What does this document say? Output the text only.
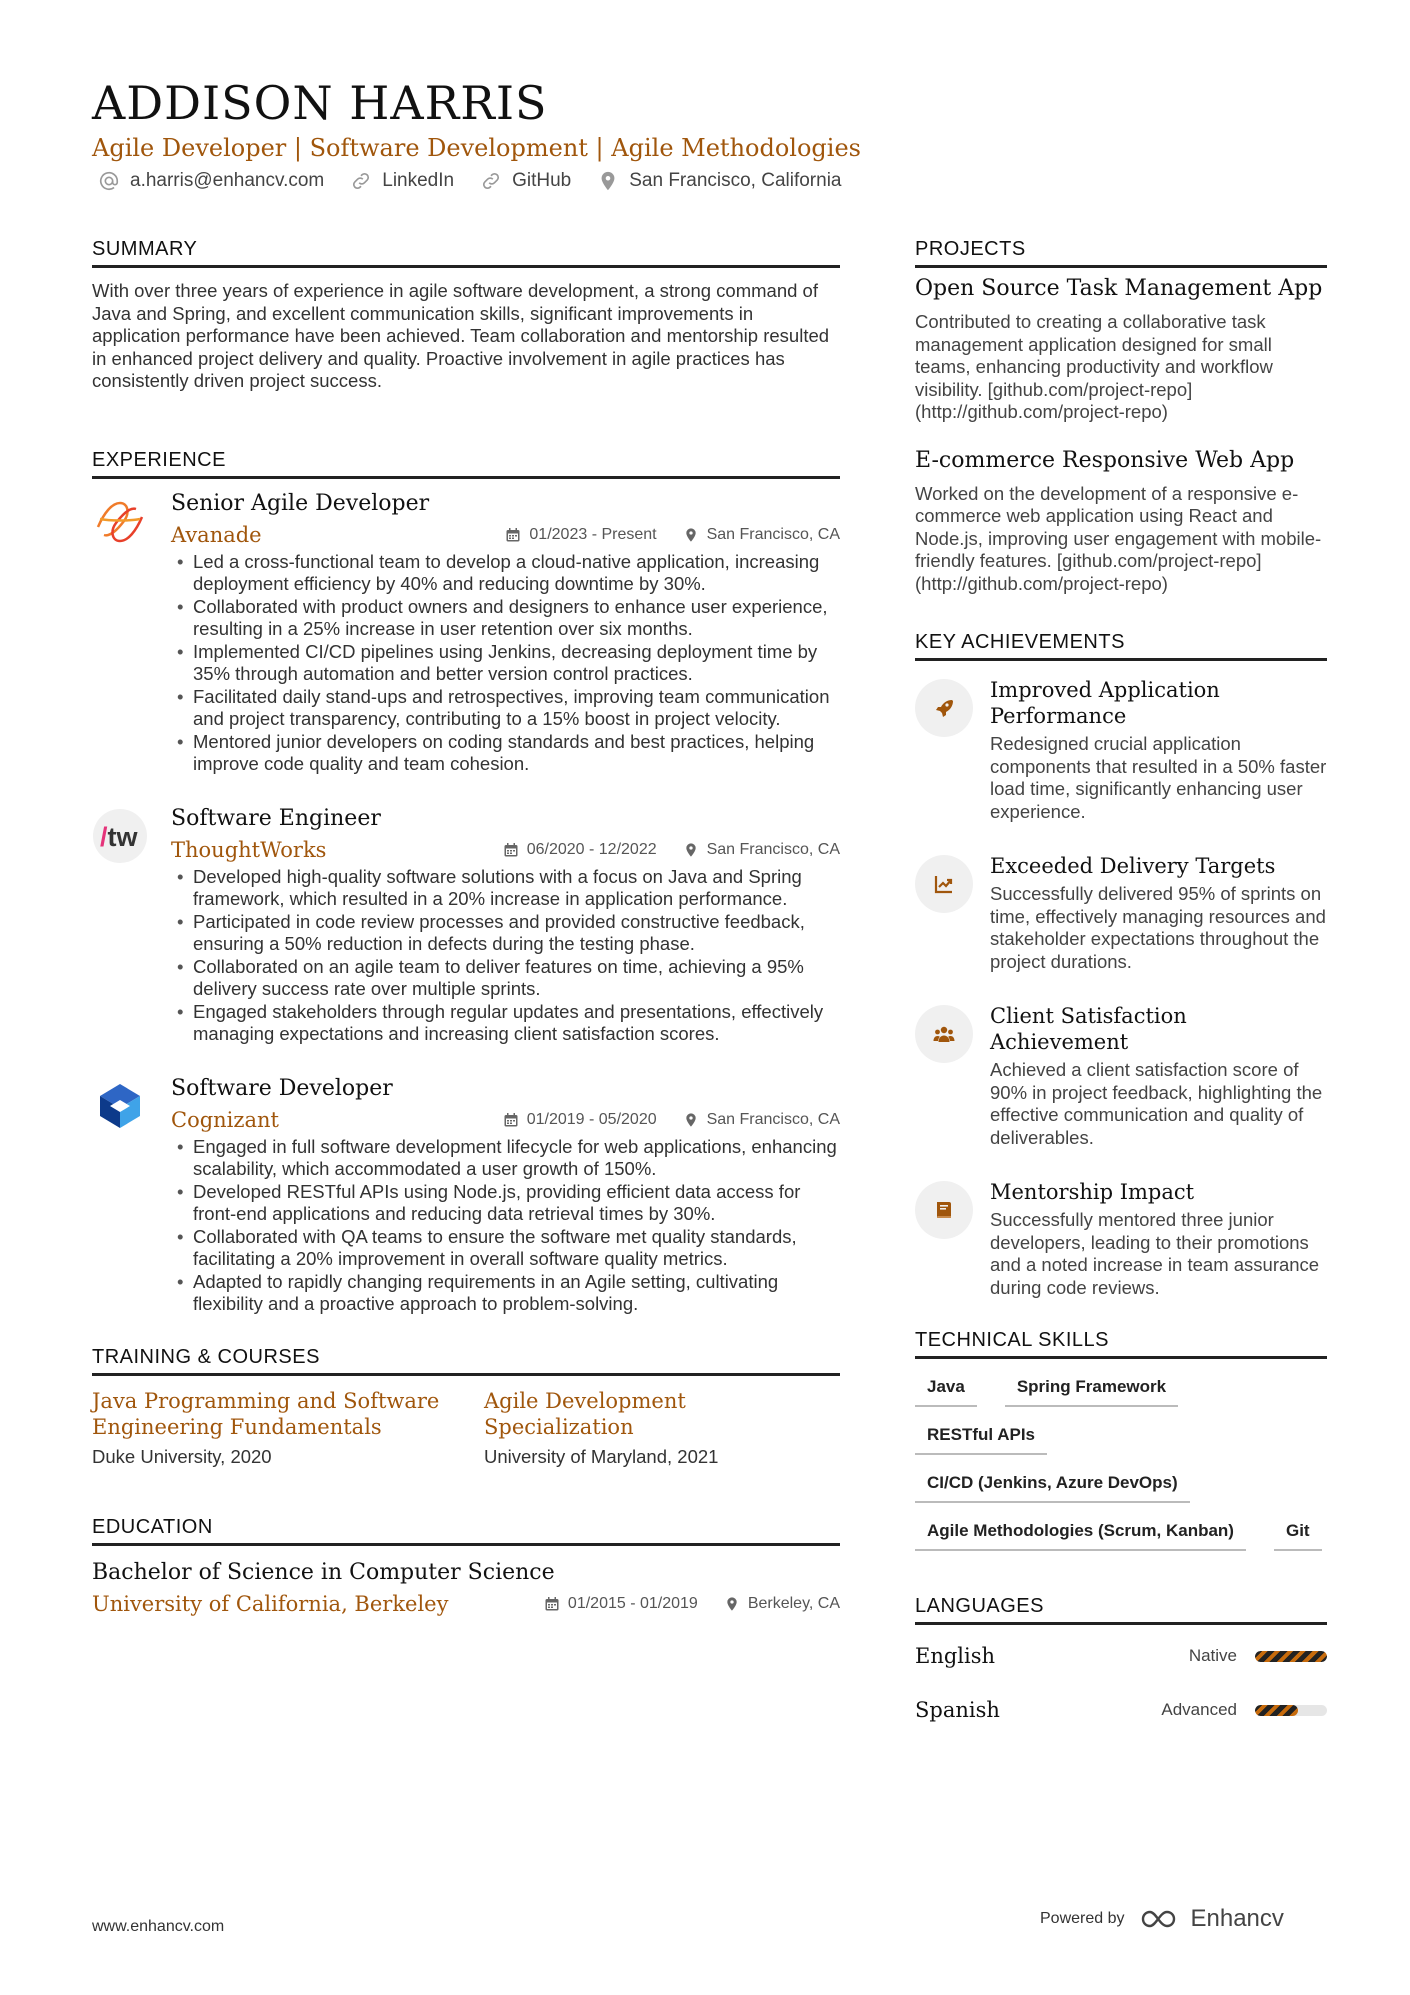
ADDISON HARRIS
Agile Developer | Software Development | Agile Methodologies
a.harris@enhancv.com	LinkedIn	GitHub	San Francisco, California
SUMMARY
With over three years of experience in agile software development, a strong command of Java and Spring, and excellent communication skills, significant improvements in application performance have been achieved. Team collaboration and mentorship resulted in enhanced project delivery and quality. Proactive involvement in agile practices has consistently driven project success.
EXPERIENCE
Senior Agile Developer
Avanade	01/2023 - Present	San Francisco, CA
• Led a cross-functional team to develop a cloud-native application, increasing deployment efficiency by 40% and reducing downtime by 30%.
• Collaborated with product owners and designers to enhance user experience, resulting in a 25% increase in user retention over six months.
• Implemented CI/CD pipelines using Jenkins, decreasing deployment time by 35% through automation and better version control practices.
• Facilitated daily stand-ups and retrospectives, improving team communication and project transparency, contributing to a 15% boost in project velocity.
• Mentored junior developers on coding standards and best practices, helping improve code quality and team cohesion.
/tw
Software Engineer
ThoughtWorks	06/2020 - 12/2022	San Francisco, CA
• Developed high-quality software solutions with a focus on Java and Spring framework, which resulted in a 20% increase in application performance.
• Participated in code review processes and provided constructive feedback, ensuring a 50% reduction in defects during the testing phase.
• Collaborated on an agile team to deliver features on time, achieving a 95% delivery success rate over multiple sprints.
• Engaged stakeholders through regular updates and presentations, effectively managing expectations and increasing client satisfaction scores.
Software Developer
Cognizant	01/2019 - 05/2020	San Francisco, CA
• Engaged in full software development lifecycle for web applications, enhancing scalability, which accommodated a user growth of 150%.
• Developed RESTful APIs using Node.js, providing efficient data access for front-end applications and reducing data retrieval times by 30%.
• Collaborated with QA teams to ensure the software met quality standards, facilitating a 20% improvement in overall software quality metrics.
• Adapted to rapidly changing requirements in an Agile setting, cultivating flexibility and a proactive approach to problem-solving.
TRAINING & COURSES
Java Programming and Software Engineering Fundamentals
Duke University, 2020
Agile Development Specialization
University of Maryland, 2021
EDUCATION
Bachelor of Science in Computer Science
University of California, Berkeley	01/2015 - 01/2019	Berkeley, CA
PROJECTS
Open Source Task Management App
Contributed to creating a collaborative task management application designed for small teams, enhancing productivity and workflow visibility. [github.com/project-repo](http://github.com/project-repo)
E-commerce Responsive Web App
Worked on the development of a responsive e-commerce web application using React and Node.js, improving user engagement with mobile-friendly features. [github.com/project-repo](http://github.com/project-repo)
KEY ACHIEVEMENTS
Improved Application Performance
Redesigned crucial application components that resulted in a 50% faster load time, significantly enhancing user experience.
Exceeded Delivery Targets
Successfully delivered 95% of sprints on time, effectively managing resources and stakeholder expectations throughout the project durations.
Client Satisfaction Achievement
Achieved a client satisfaction score of 90% in project feedback, highlighting the effective communication and quality of deliverables.
Mentorship Impact
Successfully mentored three junior developers, leading to their promotions and a noted increase in team assurance during code reviews.
TECHNICAL SKILLS
Java	Spring Framework
RESTful APIs
CI/CD (Jenkins, Azure DevOps)
Agile Methodologies (Scrum, Kanban)	Git
LANGUAGES
English	Native
Spanish	Advanced
www.enhancv.com	Powered by	Enhancv
